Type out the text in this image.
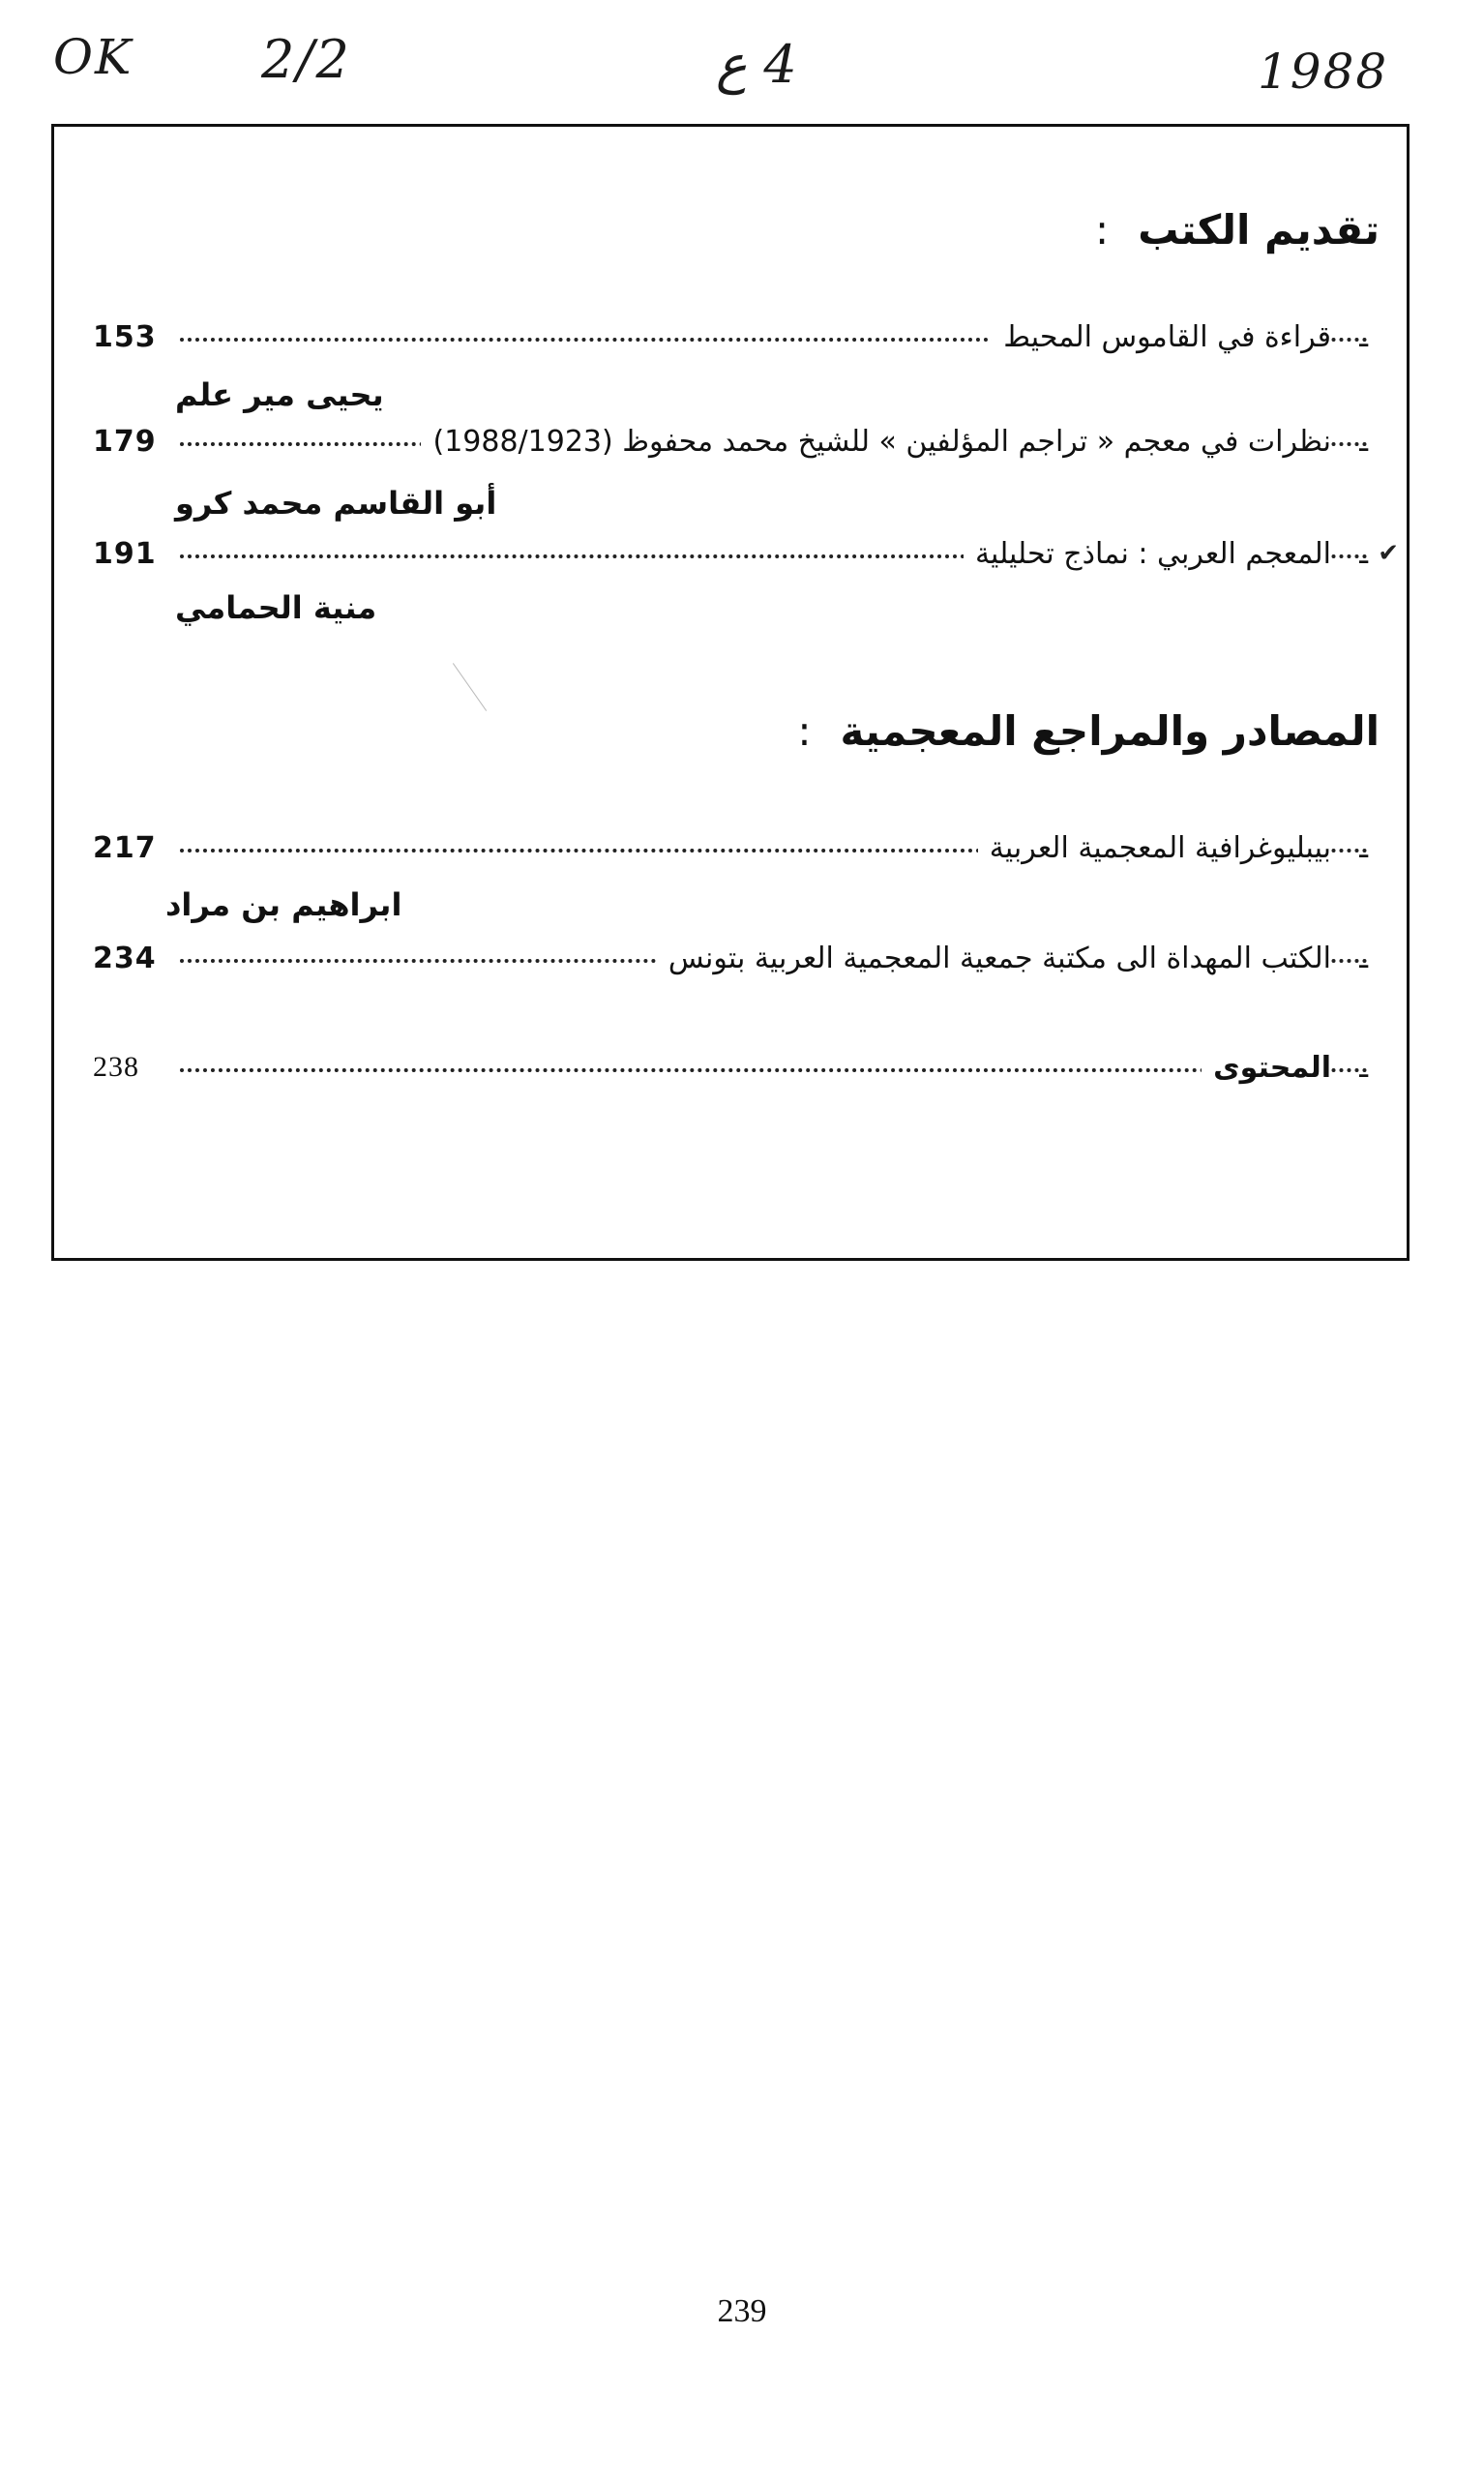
OK 2/2	4 ع	1988
تقديم الكتب:
153	قراءة في القاموس المحيط ـ
يحيى مير علم
179	نظرات في معجم « تراجم المؤلفين » للشيخ محمد محفوظ (1988/1923) ـ
أبو القاسم محمد كرو
191	المعجم العربي : نماذج تحليلية ـ ✔
منية الحمامي
المصادر والمراجع المعجمية:
217	بيبليوغرافية المعجمية العربية ـ
ابراهيم بن مراد
234	الكتب المهداة الى مكتبة جمعية المعجمية العربية بتونس ـ
238	المحتوى ـ
239
